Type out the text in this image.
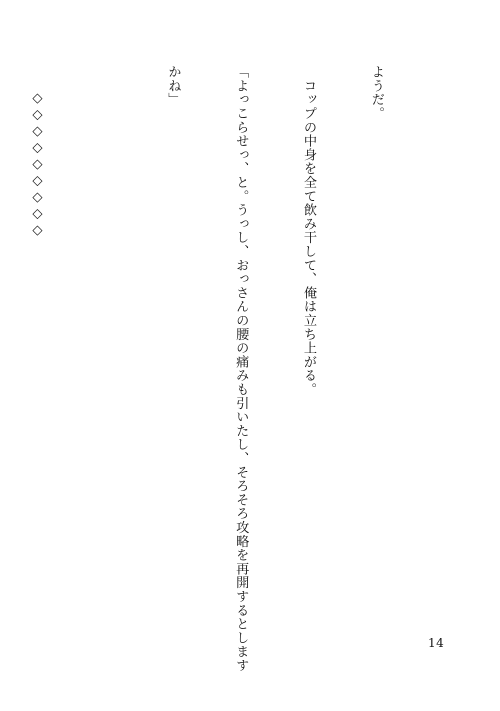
ようだ。

　コップの中身を全て飲み干して、俺は立ち上がる。

「よっこらせっ、と。うっし、おっさんの腰の痛みも引いたし、そろそろ攻略を再開するとします

かね」

◇◇◇◇◇◇◇◇◇

14
